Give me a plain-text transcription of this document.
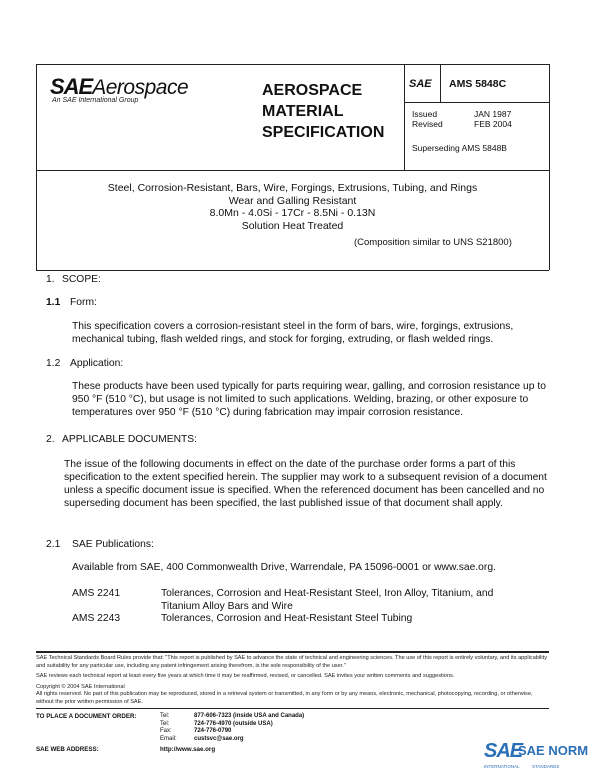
SAEAerospace
An SAE International Group
AEROSPACE
MATERIAL
SPECIFICATION
SAE AMS 5848C
Issued	JAN 1987
Revised	FEB 2004
Superseding AMS 5848B
Steel, Corrosion-Resistant, Bars, Wire, Forgings, Extrusions, Tubing, and Rings
Wear and Galling Resistant
8.0Mn - 4.0Si - 17Cr - 8.5Ni - 0.13N
Solution Heat Treated
(Composition similar to UNS S21800)
1. SCOPE:
1.1 Form:
This specification covers a corrosion-resistant steel in the form of bars, wire, forgings, extrusions, mechanical tubing, flash welded rings, and stock for forging, extruding, or flash welded rings.
1.2 Application:
These products have been used typically for parts requiring wear, galling, and corrosion resistance up to 950 °F (510 °C), but usage is not limited to such applications. Welding, brazing, or other exposure to temperatures over 950 °F (510 °C) during fabrication may impair corrosion resistance.
2. APPLICABLE DOCUMENTS:
The issue of the following documents in effect on the date of the purchase order forms a part of this specification to the extent specified herein. The supplier may work to a subsequent revision of a document unless a specific document issue is specified. When the referenced document has been cancelled and no superseding document has been specified, the last published issue of that document shall apply.
2.1 SAE Publications:
Available from SAE, 400 Commonwealth Drive, Warrendale, PA 15096-0001 or www.sae.org.
AMS 2241	Tolerances, Corrosion and Heat-Resistant Steel, Iron Alloy, Titanium, and
Titanium Alloy Bars and Wire
AMS 2243	Tolerances, Corrosion and Heat-Resistant Steel Tubing
SAE Technical Standards Board Rules provide that: "This report is published by SAE to advance the state of technical and engineering sciences. The use of this report is entirely voluntary, and its applicability and suitability for any particular use, including any patent infringement arising therefrom, is the sole responsibility of the user."
SAE reviews each technical report at least every five years at which time it may be reaffirmed, revised, or cancelled. SAE invites your written comments and suggestions.
Copyright © 2004 SAE International
All rights reserved. No part of this publication may be reproduced, stored in a retrieval system or transmitted, in any form or by any means, electronic, mechanical, photocopying, recording, or otherwise, without the prior written permission of SAE.
TO PLACE A DOCUMENT ORDER:	Tel:	877-606-7323 (inside USA and Canada)
Tel:	724-776-4970 (outside USA)
Fax:	724-776-0790
Email:	custsvc@sae.org
SAE WEB ADDRESS:	http://www.sae.org	SAE
SAE NORM
INTERNATIONAL	STANDARDS
